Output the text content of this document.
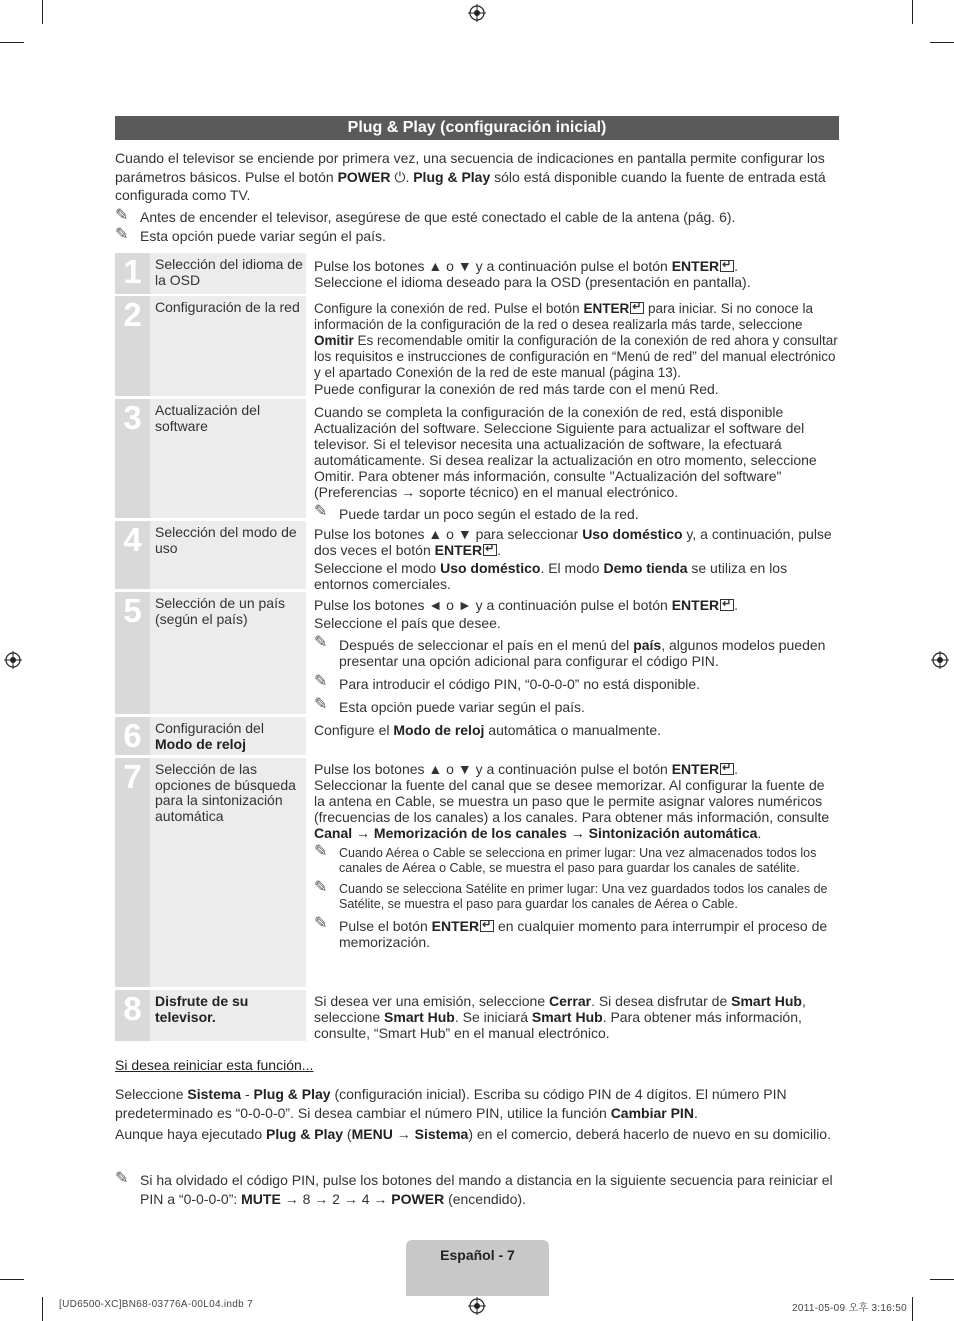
Plug & Play (configuración inicial)
Cuando el televisor se enciende por primera vez, una secuencia de indicaciones en pantalla permite configurar los parámetros básicos. Pulse el botón POWER ⏻. Plug & Play sólo está disponible cuando la fuente de entrada está configurada como TV.
✎ Antes de encender el televisor, asegúrese de que esté conectado el cable de la antena (pág. 6).
✎ Esta opción puede variar según el país.
1 Selección del idioma de la OSD

Pulse los botones ▲ o ▼ y a continuación pulse el botón ENTER ↵ .

Seleccione el idioma deseado para la OSD (presentación en pantalla).

2 Configuración de la red	Configure la conexión de red. Pulse el botón ENTER↵ para iniciar. Si no conoce la información de la configuración de la red o desea realizarla más tarde, seleccione Omitir Es recomendable omitir la configuración de la conexión de red ahora y consultar los requisitos e instrucciones de configuración en “Menú de red” del manual electrónico y el apartado Conexión de la red de este manual (página 13).

Puede configurar la conexión de red más tarde con el menú Red.

3 Actualización del software

Cuando se completa la configuración de la conexión de red, está disponible Actualización del software. Seleccione Siguiente para actualizar el software del televisor. Si el televisor necesita una actualización de software, la efectuará automáticamente. Si desea realizar la actualización en otro momento, seleccione Omitir. Para obtener más información, consulte "Actualización del software" (Preferencias → soporte técnico) en el manual electrónico.

✎ Puede tardar un poco según el estado de la red.
4 Selección del modo de uso

Pulse los botones ▲ o ▼ para seleccionar Uso doméstico y, a continuación, pulse dos veces el botón ENTER ↵ .

Seleccione el modo Uso doméstico. El modo Demo tienda se utiliza en los entornos comerciales.

5 Selección de un país (según el país)

Pulse los botones ◄ o ► y a continuación pulse el botón ENTER ↵ .

Seleccione el país que desee.

✎ Después de seleccionar el país en el menú del país, algunos modelos pueden presentar una opción adicional para configurar el código PIN.
✎ Para introducir el código PIN, “0-0-0-0” no está disponible.
✎ Esta opción puede variar según el país.
6 Configuración del
Modo de reloj

Configure el Modo de reloj automática o manualmente.

7 Selección de las opciones de búsqueda para la sintonización automática

Pulse los botones ▲ o ▼ y a continuación pulse el botón ENTER ↵ .

Seleccionar la fuente del canal que se desee memorizar. Al configurar la fuente de la antena en Cable, se muestra un paso que le permite asignar valores numéricos (frecuencias de los canales) a los canales. Para obtener más información, consulte Canal → Memorización de los canales → Sintonización automática.

✎ Cuando Aérea o Cable se selecciona en primer lugar: Una vez almacenados todos los canales de Aérea o Cable, se muestra el paso para guardar los canales de satélite.
✎ Cuando se selecciona Satélite en primer lugar: Una vez guardados todos los canales de Satélite, se muestra el paso para guardar los canales de Aérea o Cable.
✎ Pulse el botón ENTER↵ en cualquier momento para interrumpir el proceso de memorización.
8 Disfrute de su televisor.

Si desea ver una emisión, seleccione Cerrar. Si desea disfrutar de Smart Hub, seleccione Smart Hub. Se iniciará Smart Hub. Para obtener más información, consulte, “Smart Hub” en el manual electrónico.

Si desea reiniciar esta función...
Seleccione Sistema - Plug & Play (configuración inicial). Escriba su código PIN de 4 dígitos. El número PIN predeterminado es “0-0-0-0”. Si desea cambiar el número PIN, utilice la función Cambiar PIN.
Aunque haya ejecutado Plug & Play (MENU → Sistema) en el comercio, deberá hacerlo de nuevo en su domicilio.
✎ Si ha olvidado el código PIN, pulse los botones del mando a distancia en la siguiente secuencia para reiniciar el PIN a “0-0-0-0”: MUTE → 8 → 2 → 4 → POWER (encendido).
Español - 7
[UD6500-XC]BN68-03776A-00L04.indb 7	2011-05-09 오후 3:16:50
